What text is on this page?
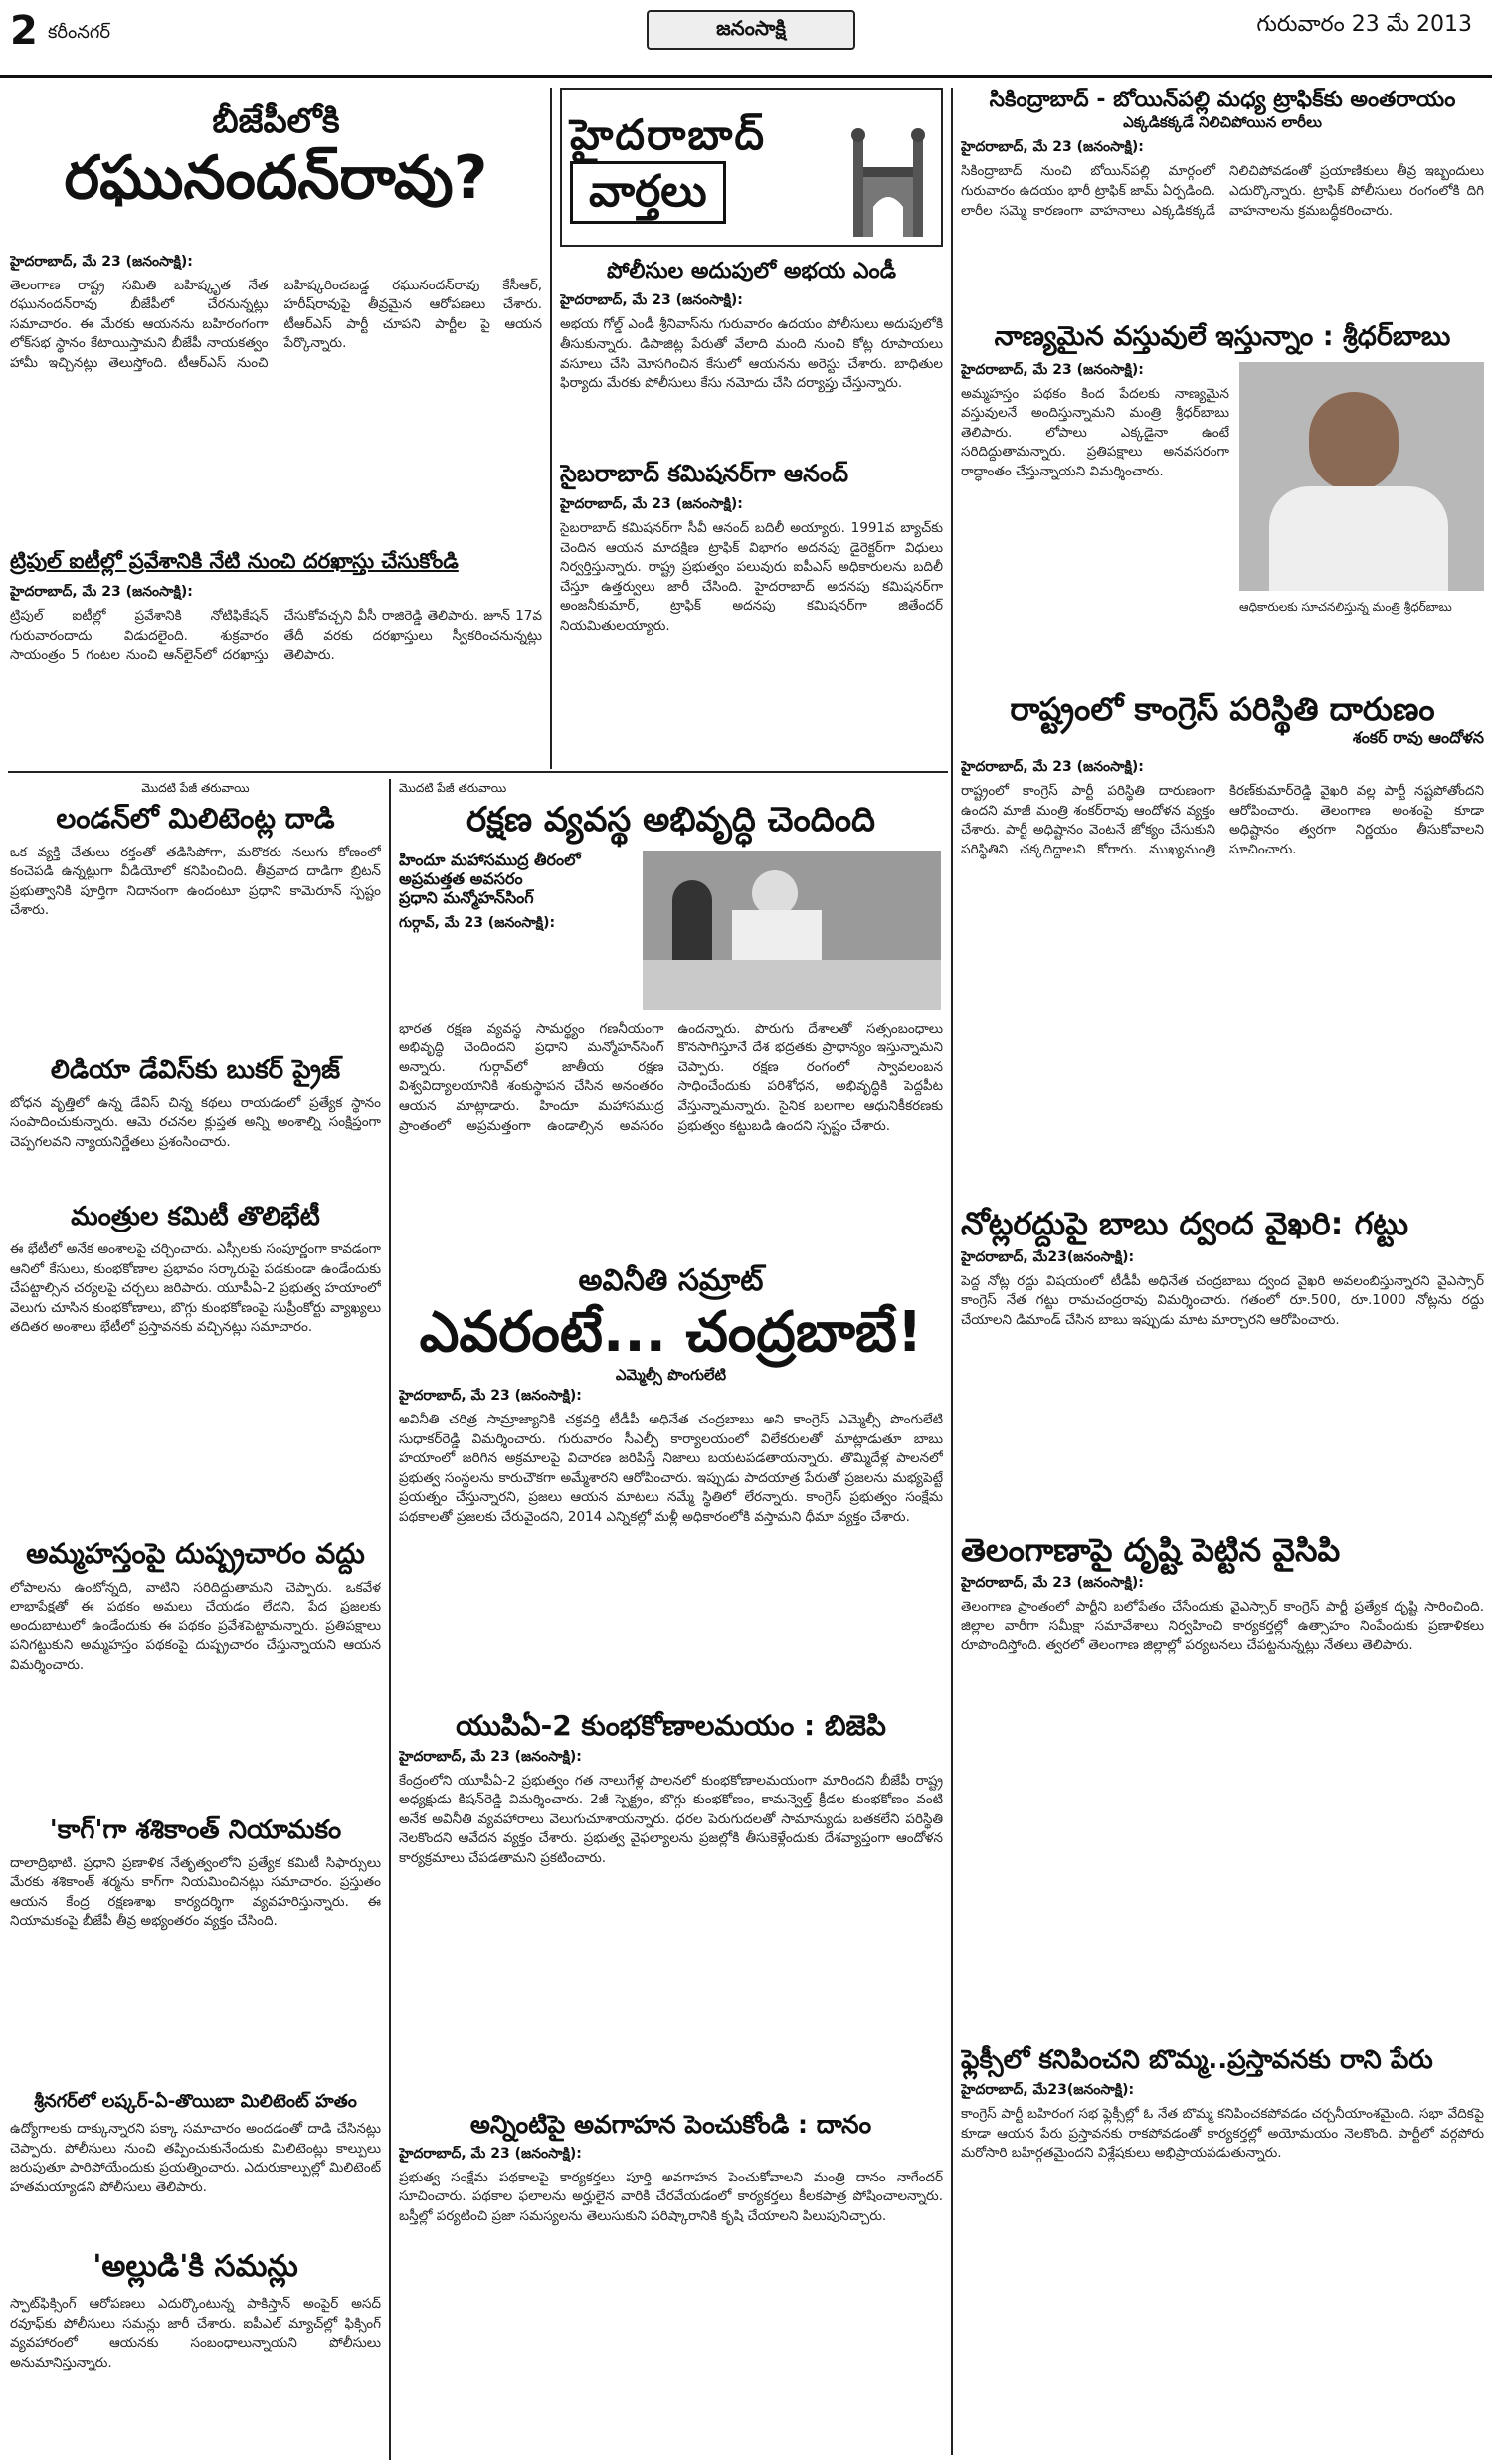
2 కరీంనగర్	జనంసాక్షి	గురువారం 23 మే 2013
బీజేపీలోకి
రఘునందన్‌రావు?
హైదరాబాద్‌, మే 23 (జనంసాక్షి):
తెలంగాణ రాష్ట్ర సమితి బహిష్కృత నేత రఘునందన్‌రావు బీజేపీలో చేరనున్నట్లు సమాచారం. ఈ మేరకు ఆయనను బహిరంగంగా లోక్‌సభ స్థానం కేటాయిస్తామని బీజేపీ నాయకత్వం హామీ ఇచ్చినట్లు తెలుస్తోంది. టీఆర్‌ఎస్‌ నుంచి బహిష్కరించబడ్డ రఘునందన్‌రావు కేసీఆర్‌, హరీష్‌రావుపై తీవ్రమైన ఆరోపణలు చేశారు. టీఆర్‌ఎస్‌ పార్టీ చూపని పార్టీల పై ఆయన పేర్కొన్నారు.
ట్రిపుల్‌ ఐటీల్లో ప్రవేశానికి నేటి నుంచి దరఖాస్తు చేసుకోండి
హైదరాబాద్‌, మే 23 (జనంసాక్షి):
ట్రిపుల్‌ ఐటీల్లో ప్రవేశానికి నోటిఫికేషన్‌ గురువారందాదు విడుదలైంది. శుక్రవారం సాయంత్రం 5 గంటల నుంచి ఆన్‌లైన్‌లో దరఖాస్తు చేసుకోవచ్చని వీసీ రాజిరెడ్డి తెలిపారు. జూన్‌ 17వ తేదీ వరకు దరఖాస్తులు స్వీకరించనున్నట్లు తెలిపారు.
హైదరాబాద్‌
వార్తలు
పోలీసుల అదుపులో అభయ ఎండీ
హైదరాబాద్‌, మే 23 (జనంసాక్షి):
అభయ గోల్డ్‌ ఎండీ శ్రీనివాస్‌ను గురువారం ఉదయం పోలీసులు అదుపులోకి తీసుకున్నారు. డిపాజిట్ల పేరుతో వేలాది మంది నుంచి కోట్ల రూపాయలు వసూలు చేసి మోసగించిన కేసులో ఆయనను అరెస్టు చేశారు. బాధితుల ఫిర్యాదు మేరకు పోలీసులు కేసు నమోదు చేసి దర్యాప్తు చేస్తున్నారు.
సైబరాబాద్‌ కమిషనర్‌గా ఆనంద్‌
హైదరాబాద్‌, మే 23 (జనంసాక్షి):
సైబరాబాద్‌ కమిషనర్‌గా సీవీ ఆనంద్‌ బదిలీ అయ్యారు. 1991వ బ్యాచ్‌కు చెందిన ఆయన మాదక్షిణ ట్రాఫిక్‌ విభాగం అదనపు డైరెక్టర్‌గా విధులు నిర్వర్తిస్తున్నారు. రాష్ట్ర ప్రభుత్వం పలువురు ఐపీఎస్‌ అధికారులను బదిలీ చేస్తూ ఉత్తర్వులు జారీ చేసింది. హైదరాబాద్‌ అదనపు కమిషనర్‌గా అంజనీకుమార్‌, ట్రాఫిక్‌ అదనపు కమిషనర్‌గా జితేందర్‌ నియమితులయ్యారు.
మొదటి పేజీ తరువాయి
లండన్‌లో మిలిటెంట్ల దాడి
ఒక వ్యక్తి చేతులు రక్తంతో తడిసిపోగా, మరొకరు నలుగు కోణంలో కంచెపడి ఉన్నట్లుగా వీడియోలో కనిపించింది. తీవ్రవాద దాడిగా బ్రిటన్‌ ప్రభుత్వానికి పూర్తిగా నిదానంగా ఉందంటూ ప్రధాని కామెరూన్‌ స్పష్టం చేశారు.
లిడియా డేవిస్‌కు బుకర్‌ ప్రైజ్‌
బోధన వృత్తిలో ఉన్న డేవిస్‌ చిన్న కథలు రాయడంలో ప్రత్యేక స్థానం సంపాదించుకున్నారు. ఆమె రచనల క్లుప్తత అన్ని అంశాల్ని సంక్షిప్తంగా చెప్పగలవని న్యాయనిర్ణేతలు ప్రశంసించారు.
మంత్రుల కమిటీ తొలిభేటీ
ఈ భేటీలో అనేక అంశాలపై చర్చించారు. ఎస్సీలకు సంపూర్ణంగా కావడంగా ఆనిలో కేసులు, కుంభకోణాల ప్రభావం సర్కారుపై పడకుండా ఉండేందుకు చేపట్టాల్సిన చర్యలపై చర్చలు జరిపారు. యూపీఏ-2 ప్రభుత్వ హయాంలో వెలుగు చూసిన కుంభకోణాలు, బొగ్గు కుంభకోణంపై సుప్రీంకోర్టు వ్యాఖ్యలు తదితర అంశాలు భేటీలో ప్రస్తావనకు వచ్చినట్లు సమాచారం.
అమ్మహస్తంపై దుష్ప్రచారం వద్దు
లోపాలను ఉంటోన్నది, వాటిని సరిదిద్దుతామని చెప్పారు. ఒకవేళ లాభాపేక్షతో ఈ పథకం అమలు చేయడం లేదని, పేద ప్రజలకు అందుబాటులో ఉండేందుకు ఈ పథకం ప్రవేశపెట్టామన్నారు. ప్రతిపక్షాలు పనిగట్టుకుని అమ్మహస్తం పథకంపై దుష్ప్రచారం చేస్తున్నాయని ఆయన విమర్శించారు.
'కాగ్‌'గా శశికాంత్‌ నియామకం
దాలాద్రిభాటి. ప్రధాని ప్రణాళిక నేతృత్వంలోని ప్రత్యేక కమిటీ సిఫార్సులు మేరకు శశికాంత్‌ శర్మను కాగ్‌గా నియమించినట్లు సమాచారం. ప్రస్తుతం ఆయన కేంద్ర రక్షణశాఖ కార్యదర్శిగా వ్యవహరిస్తున్నారు. ఈ నియామకంపై బీజేపీ తీవ్ర అభ్యంతరం వ్యక్తం చేసింది.
శ్రీనగర్‌లో లష్కర్‌-ఏ-తొయిబా మిలిటెంట్‌ హతం
ఉద్యోగాలకు దాక్కున్నారని పక్కా సమాచారం అందడంతో దాడి చేసినట్లు చెప్పారు. పోలీసులు నుంచి తప్పించుకునేందుకు మిలిటెంట్లు కాల్పులు జరుపుతూ పారిపోయేందుకు ప్రయత్నించారు. ఎదురుకాల్పుల్లో మిలిటెంట్‌ హతమయ్యాడని పోలీసులు తెలిపారు.
'అల్లుడి'కి సమన్లు
స్పాట్‌ఫిక్సింగ్‌ ఆరోపణలు ఎదుర్కొంటున్న పాకిస్తాన్‌ అంపైర్‌ అసద్‌ రవూఫ్‌కు పోలీసులు సమన్లు జారీ చేశారు. ఐపీఎల్‌ మ్యాచ్‌ల్లో ఫిక్సింగ్‌ వ్యవహారంలో ఆయనకు సంబంధాలున్నాయని పోలీసులు అనుమానిస్తున్నారు.
మొదటి పేజీ తరువాయి
రక్షణ వ్యవస్థ అభివృద్ధి చెందింది
హిందూ మహాసముద్ర తీరంలో
అప్రమత్తత అవసరం
ప్రధాని మన్మోహన్‌సింగ్‌
గుర్గావ్‌, మే 23 (జనంసాక్షి):
భారత రక్షణ వ్యవస్థ సామర్థ్యం గణనీయంగా అభివృద్ధి చెందిందని ప్రధాని మన్మోహన్‌సింగ్‌ అన్నారు. గుర్గావ్‌లో జాతీయ రక్షణ విశ్వవిద్యాలయానికి శంకుస్థాపన చేసిన అనంతరం ఆయన మాట్లాడారు. హిందూ మహాసముద్ర ప్రాంతంలో అప్రమత్తంగా ఉండాల్సిన అవసరం ఉందన్నారు. పొరుగు దేశాలతో సత్సంబంధాలు కొనసాగిస్తూనే దేశ భద్రతకు ప్రాధాన్యం ఇస్తున్నామని చెప్పారు. రక్షణ రంగంలో స్వావలంబన సాధించేందుకు పరిశోధన, అభివృద్ధికి పెద్దపీట వేస్తున్నామన్నారు. సైనిక బలగాల ఆధునికీకరణకు ప్రభుత్వం కట్టుబడి ఉందని స్పష్టం చేశారు.
అవినీతి సమ్రాట్‌
ఎవరంటే... చంద్రబాబే!
ఎమ్మెల్సీ పొంగులేటి
హైదరాబాద్‌, మే 23 (జనంసాక్షి):
అవినీతి చరిత్ర సామ్రాజ్యానికి చక్రవర్తి టీడీపీ అధినేత చంద్రబాబు అని కాంగ్రెస్‌ ఎమ్మెల్సీ పొంగులేటి సుధాకర్‌రెడ్డి విమర్శించారు. గురువారం సీఎల్పీ కార్యాలయంలో విలేకరులతో మాట్లాడుతూ బాబు హయాంలో జరిగిన అక్రమాలపై విచారణ జరిపిస్తే నిజాలు బయటపడతాయన్నారు. తొమ్మిదేళ్ల పాలనలో ప్రభుత్వ సంస్థలను కారుచౌకగా అమ్మేశారని ఆరోపించారు. ఇప్పుడు పాదయాత్ర పేరుతో ప్రజలను మభ్యపెట్టే ప్రయత్నం చేస్తున్నారని, ప్రజలు ఆయన మాటలు నమ్మే స్థితిలో లేరన్నారు. కాంగ్రెస్‌ ప్రభుత్వం సంక్షేమ పథకాలతో ప్రజలకు చేరువైందని, 2014 ఎన్నికల్లో మళ్లీ అధికారంలోకి వస్తామని ధీమా వ్యక్తం చేశారు.
యుపిఏ-2 కుంభకోణాలమయం : బిజెపి
హైదరాబాద్‌, మే 23 (జనంసాక్షి):
కేంద్రంలోని యూపీఏ-2 ప్రభుత్వం గత నాలుగేళ్ల పాలనలో కుంభకోణాలమయంగా మారిందని బీజేపీ రాష్ట్ర అధ్యక్షుడు కిషన్‌రెడ్డి విమర్శించారు. 2జీ స్పెక్ట్రం, బొగ్గు కుంభకోణం, కామన్వెల్త్‌ క్రీడల కుంభకోణం వంటి అనేక అవినీతి వ్యవహారాలు వెలుగుచూశాయన్నారు. ధరల పెరుగుదలతో సామాన్యుడు బతకలేని పరిస్థితి నెలకొందని ఆవేదన వ్యక్తం చేశారు. ప్రభుత్వ వైఫల్యాలను ప్రజల్లోకి తీసుకెళ్లేందుకు దేశవ్యాప్తంగా ఆందోళన కార్యక్రమాలు చేపడతామని ప్రకటించారు.
అన్నింటిపై అవగాహన పెంచుకోండి : దానం
హైదరాబాద్‌, మే 23 (జనంసాక్షి):
ప్రభుత్వ సంక్షేమ పథకాలపై కార్యకర్తలు పూర్తి అవగాహన పెంచుకోవాలని మంత్రి దానం నాగేందర్‌ సూచించారు. పథకాల ఫలాలను అర్హులైన వారికి చేరవేయడంలో కార్యకర్తలు కీలకపాత్ర పోషించాలన్నారు. బస్తీల్లో పర్యటించి ప్రజా సమస్యలను తెలుసుకుని పరిష్కారానికి కృషి చేయాలని పిలుపునిచ్చారు.
సికింద్రాబాద్‌ - బోయిన్‌పల్లి మధ్య ట్రాఫిక్‌కు అంతరాయం
ఎక్కడికక్కడే నిలిచిపోయిన లారీలు
హైదరాబాద్‌, మే 23 (జనంసాక్షి):
సికింద్రాబాద్‌ నుంచి బోయిన్‌పల్లి మార్గంలో గురువారం ఉదయం భారీ ట్రాఫిక్‌ జామ్‌ ఏర్పడింది. లారీల సమ్మె కారణంగా వాహనాలు ఎక్కడికక్కడే నిలిచిపోవడంతో ప్రయాణికులు తీవ్ర ఇబ్బందులు ఎదుర్కొన్నారు. ట్రాఫిక్‌ పోలీసులు రంగంలోకి దిగి వాహనాలను క్రమబద్ధీకరించారు.
నాణ్యమైన వస్తువులే ఇస్తున్నాం : శ్రీధర్‌బాబు
హైదరాబాద్‌, మే 23 (జనంసాక్షి):
అమ్మహస్తం పథకం కింద పేదలకు నాణ్యమైన వస్తువులనే అందిస్తున్నామని మంత్రి శ్రీధర్‌బాబు తెలిపారు. లోపాలు ఎక్కడైనా ఉంటే సరిదిద్దుతామన్నారు. ప్రతిపక్షాలు అనవసరంగా రాద్ధాంతం చేస్తున్నాయని విమర్శించారు.
ఆధికారులకు సూచనలిస్తున్న మంత్రి శ్రీధర్‌బాబు
రాష్ట్రంలో కాంగ్రెస్‌ పరిస్థితి దారుణం
శంకర్‌ రావు ఆందోళన
హైదరాబాద్‌, మే 23 (జనంసాక్షి):
రాష్ట్రంలో కాంగ్రెస్‌ పార్టీ పరిస్థితి దారుణంగా ఉందని మాజీ మంత్రి శంకర్‌రావు ఆందోళన వ్యక్తం చేశారు. పార్టీ అధిష్టానం వెంటనే జోక్యం చేసుకుని పరిస్థితిని చక్కదిద్దాలని కోరారు. ముఖ్యమంత్రి కిరణ్‌కుమార్‌రెడ్డి వైఖరి వల్ల పార్టీ నష్టపోతోందని ఆరోపించారు. తెలంగాణ అంశంపై కూడా అధిష్టానం త్వరగా నిర్ణయం తీసుకోవాలని సూచించారు.
నోట్లరద్దుపై బాబు ద్వంద వైఖరి: గట్టు
హైదరాబాద్‌, మే23(జనంసాక్షి):
పెద్ద నోట్ల రద్దు విషయంలో టీడీపీ అధినేత చంద్రబాబు ద్వంద వైఖరి అవలంబిస్తున్నారని వైఎస్సార్‌ కాంగ్రెస్‌ నేత గట్టు రామచంద్రరావు విమర్శించారు. గతంలో రూ.500, రూ.1000 నోట్లను రద్దు చేయాలని డిమాండ్‌ చేసిన బాబు ఇప్పుడు మాట మార్చారని ఆరోపించారు.
తెలంగాణాపై దృష్టి పెట్టిన వైసిపి
హైదరాబాద్‌, మే 23 (జనంసాక్షి):
తెలంగాణ ప్రాంతంలో పార్టీని బలోపేతం చేసేందుకు వైఎస్సార్‌ కాంగ్రెస్‌ పార్టీ ప్రత్యేక దృష్టి సారించింది. జిల్లాల వారీగా సమీక్షా సమావేశాలు నిర్వహించి కార్యకర్తల్లో ఉత్సాహం నింపేందుకు ప్రణాళికలు రూపొందిస్తోంది. త్వరలో తెలంగాణ జిల్లాల్లో పర్యటనలు చేపట్టనున్నట్లు నేతలు తెలిపారు.
ఫ్లెక్సీలో కనిపించని బొమ్మ..ప్రస్తావనకు రాని పేరు
హైదరాబాద్‌, మే23(జనంసాక్షి):
కాంగ్రెస్‌ పార్టీ బహిరంగ సభ ఫ్లెక్సీల్లో ఓ నేత బొమ్మ కనిపించకపోవడం చర్చనీయాంశమైంది. సభా వేదికపై కూడా ఆయన పేరు ప్రస్తావనకు రాకపోవడంతో కార్యకర్తల్లో అయోమయం నెలకొంది. పార్టీలో వర్గపోరు మరోసారి బహిర్గతమైందని విశ్లేషకులు అభిప్రాయపడుతున్నారు.
